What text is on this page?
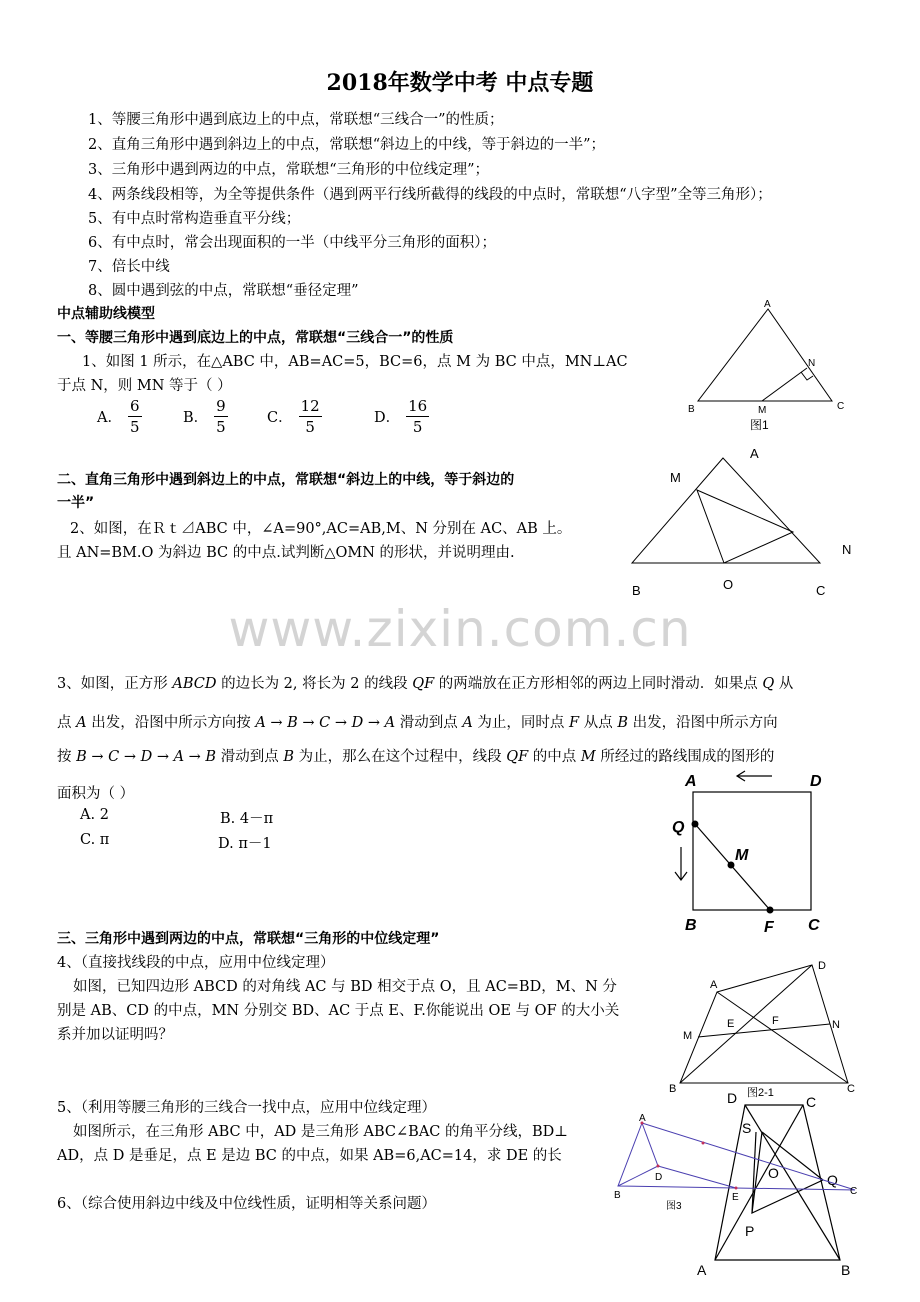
2018年数学中考 中点专题
1、等腰三角形中遇到底边上的中点，常联想“三线合一”的性质；
2、直角三角形中遇到斜边上的中点，常联想“斜边上的中线，等于斜边的一半”；
3、三角形中遇到两边的中点，常联想“三角形的中位线定理”；
4、两条线段相等，为全等提供条件（遇到两平行线所截得的线段的中点时，常联想“八字型”全等三角形）；
5、有中点时常构造垂直平分线；
6、有中点时，常会出现面积的一半（中线平分三角形的面积）；
7、倍长中线
8、圆中遇到弦的中点，常联想“垂径定理”
中点辅助线模型
一、等腰三角形中遇到底边上的中点，常联想“三线合一”的性质
1、如图 1 所示，在△ABC 中，AB=AC=5，BC=6，点 M 为 BC 中点，MN⊥AC
于点 N，则 MN 等于（ ）
A． $\frac{6}{5}$	B． $\frac{9}{5}$	C． $\frac{12}{5}$	D． $\frac{16}{5}$
A
B	C
M
N
图1
二、直角三角形中遇到斜边上的中点，常联想“斜边上的中线，等于斜边的
一半”
2、如图，在Ｒｔ⊿ABC 中，∠A=90°,AC=AB,M、N 分别在 AC、AB 上。
且 AN=BM.O 为斜边 BC 的中点.试判断△OMN 的形状，并说明理由.
A
M
N
B	O	C
www.zixin.com.cn
3、如图，正方形 ABCD 的边长为 2, 将长为 2 的线段 QF 的两端放在正方形相邻的两边上同时滑动．如果点 Q 从
点 A 出发，沿图中所示方向按 A → B → C → D → A 滑动到点 A 为止，同时点 F 从点 B 出发，沿图中所示方向
按 B → C → D → A → B 滑动到点 B 为止，那么在这个过程中，线段 QF 的中点 M 所经过的路线围成的图形的
面积为（ ）
A. 2	B. 4－π
C. π	D. π－1
A	D
Q
M
B	F C
三、三角形中遇到两边的中点，常联想“三角形的中位线定理”
4、（直接找线段的中点，应用中位线定理）
如图，已知四边形 ABCD 的对角线 AC 与 BD 相交于点 O，且 AC=BD，M、N 分
别是 AB、CD 的中点，MN 分别交 BD、AC 于点 E、F.你能说出 OE 与 OF 的大小关
系并加以证明吗？
A
D
E	F
M
N
B	C
图2-1
5、（利用等腰三角形的三线合一找中点，应用中位线定理）
如图所示，在三角形 ABC 中，AD 是三角形 ABC∠BAC 的角平分线，BD⊥
AD，点 D 是垂足，点 E 是边 BC 的中点，如果 AB=6,AC=14，求 DE 的长
6、（综合使用斜边中线及中位线性质，证明相等关系问题）
D	C
S
O	Q
P
A	B
A
D
B	E
C
图3
